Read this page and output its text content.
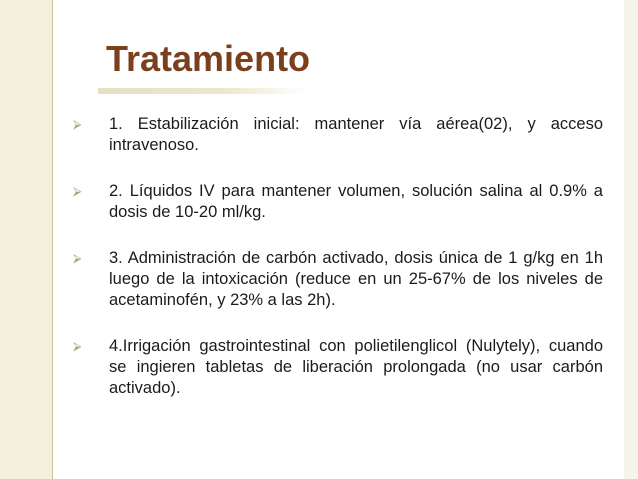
Tratamiento
⮚ 1. Estabilización inicial: mantener vía aérea(02), y acceso intravenoso.
⮚ 2. Líquidos IV para mantener volumen, solución salina al 0.9% a dosis de 10-20 ml/kg.
⮚ 3. Administración de carbón activado, dosis única de 1 g/kg en 1h luego de la intoxicación (reduce en un 25-67% de los niveles de acetaminofén, y 23% a las 2h).
⮚ 4.Irrigación gastrointestinal con polietilenglicol (Nulytely), cuando se ingieren tabletas de liberación prolongada (no usar carbón activado).
